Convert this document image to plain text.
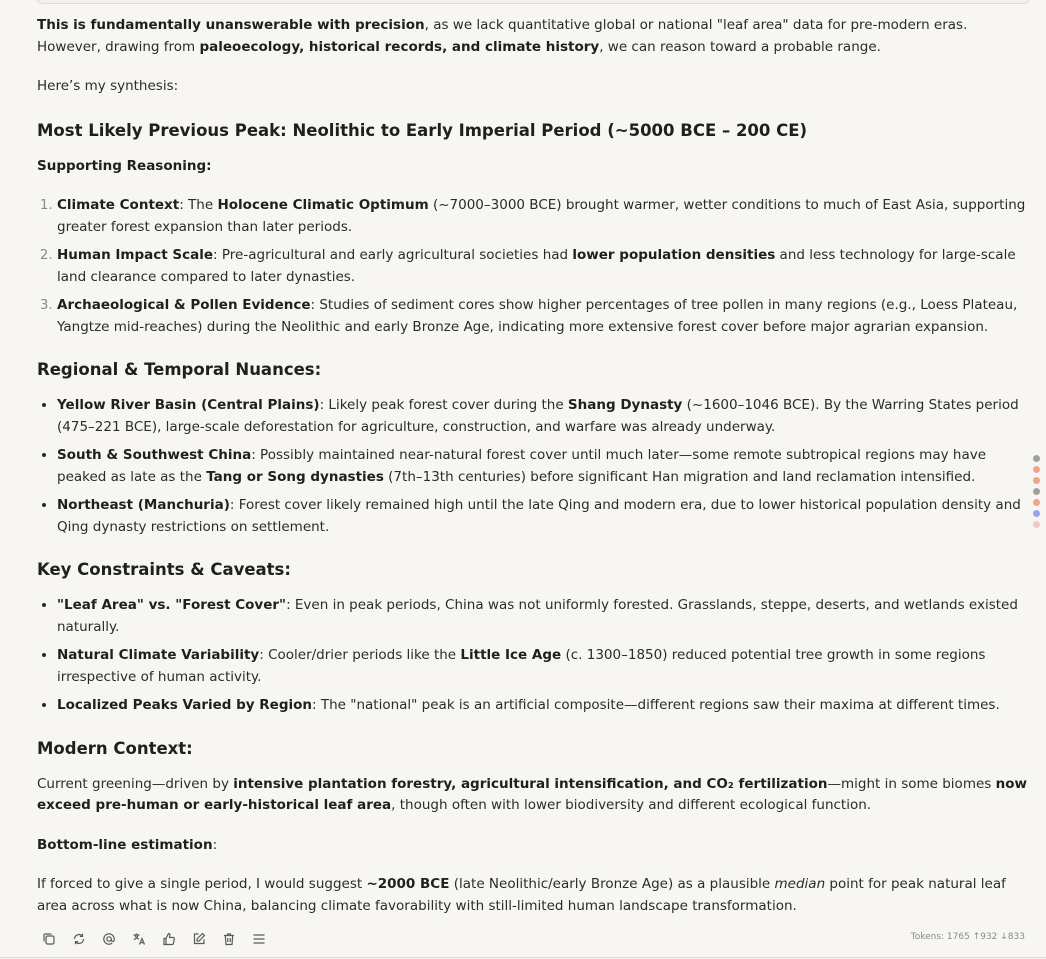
This is fundamentally unanswerable with precision, as we lack quantitative global or national "leaf area" data for pre-modern eras. However, drawing from paleoecology, historical records, and climate history, we can reason toward a probable range.

Here’s my synthesis:

Most Likely Previous Peak: Neolithic to Early Imperial Period (~5000 BCE – 200 CE)

Supporting Reasoning:

1. Climate Context: The Holocene Climatic Optimum (~7000–3000 BCE) brought warmer, wetter conditions to much of East Asia, supporting greater forest expansion than later periods.
2. Human Impact Scale: Pre-agricultural and early agricultural societies had lower population densities and less technology for large-scale land clearance compared to later dynasties.
3. Archaeological & Pollen Evidence: Studies of sediment cores show higher percentages of tree pollen in many regions (e.g., Loess Plateau, Yangtze mid-reaches) during the Neolithic and early Bronze Age, indicating more extensive forest cover before major agrarian expansion.
Regional & Temporal Nuances:
• Yellow River Basin (Central Plains): Likely peak forest cover during the Shang Dynasty (~1600–1046 BCE). By the Warring States period (475–221 BCE), large-scale deforestation for agriculture, construction, and warfare was already underway.
• South & Southwest China: Possibly maintained near-natural forest cover until much later—some remote subtropical regions may have peaked as late as the Tang or Song dynasties (7th–13th centuries) before significant Han migration and land reclamation intensified.
• Northeast (Manchuria): Forest cover likely remained high until the late Qing and modern era, due to lower historical population density and Qing dynasty restrictions on settlement.
Key Constraints & Caveats:
• "Leaf Area" vs. "Forest Cover": Even in peak periods, China was not uniformly forested. Grasslands, steppe, deserts, and wetlands existed naturally.
• Natural Climate Variability: Cooler/drier periods like the Little Ice Age (c. 1300–1850) reduced potential tree growth in some regions irrespective of human activity.
• Localized Peaks Varied by Region: The "national" peak is an artificial composite—different regions saw their maxima at different times.
Modern Context:

Current greening—driven by intensive plantation forestry, agricultural intensification, and CO₂ fertilization—might in some biomes now exceed pre-human or early-historical leaf area, though often with lower biodiversity and different ecological function.

Bottom-line estimation:

If forced to give a single period, I would suggest ~2000 BCE (late Neolithic/early Bronze Age) as a plausible median point for peak natural leaf area across what is now China, balancing climate favorability with still-limited human landscape transformation.

Tokens: 1765 ↑932 ↓833
